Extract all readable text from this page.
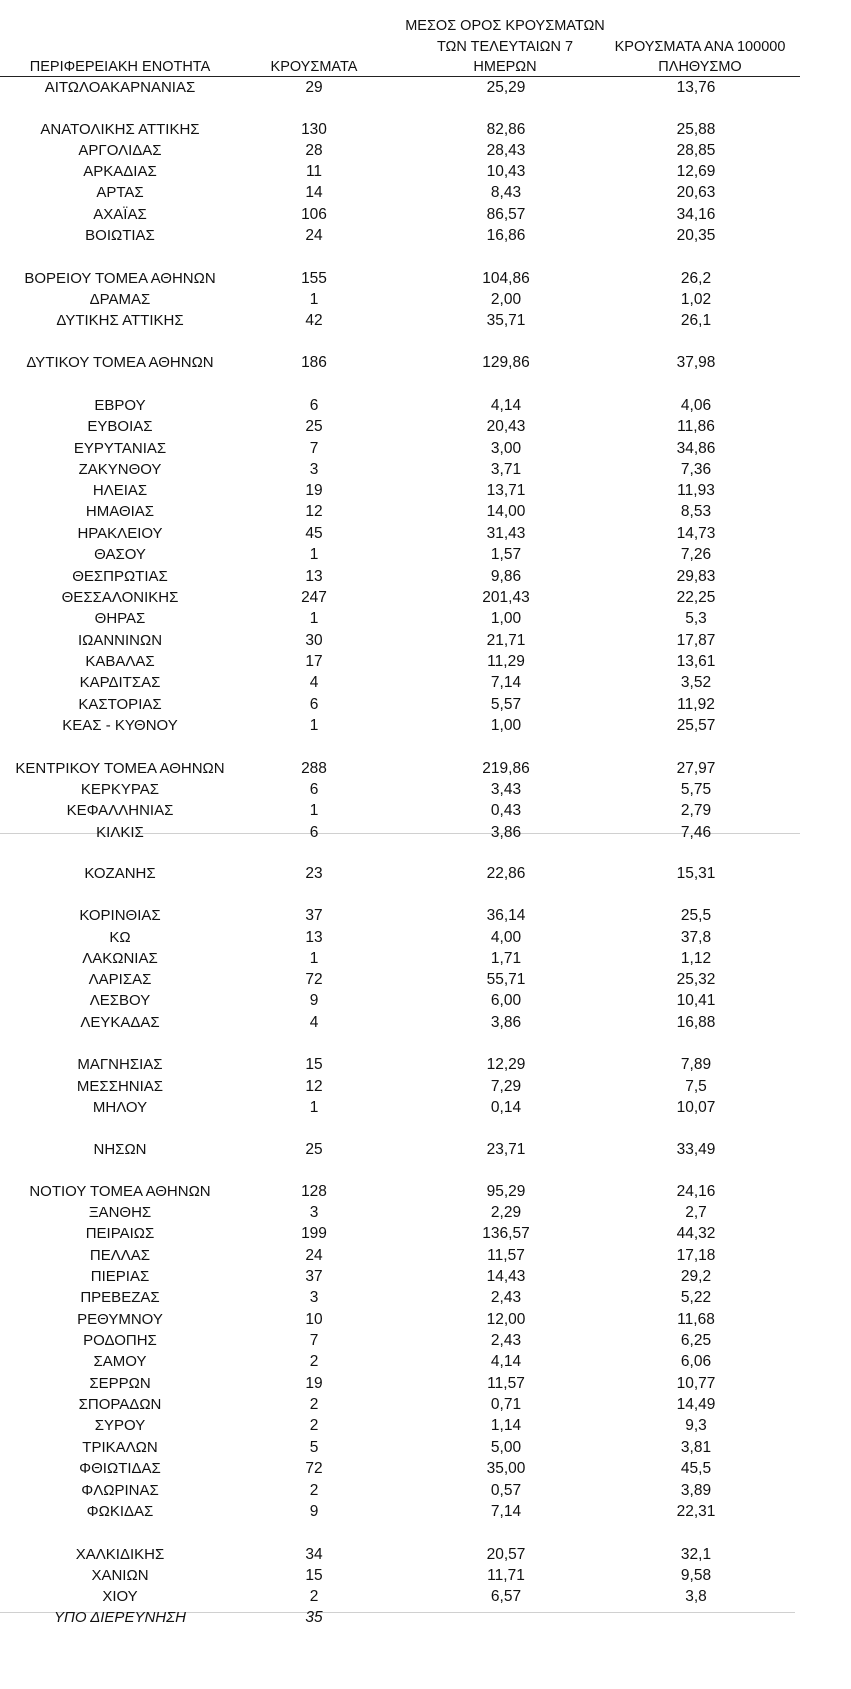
ΠΕΡΙΦΕΡΕΙΑΚΗ ΕΝΟΤΗΤΑ	ΚΡΟΥΣΜΑΤΑ
ΜΕΣΟΣ ΟΡΟΣ ΚΡΟΥΣΜΑΤΩΝ
ΤΩΝ ΤΕΛΕΥΤΑΙΩΝ 7
ΗΜΕΡΩΝ
ΚΡΟΥΣΜΑΤΑ ΑΝΑ 100000
ΠΛΗΘΥΣΜΟ
ΑΙΤΩΛΟΑΚΑΡΝΑΝΙΑΣ	29	25,29	13,76
ΑΝΑΤΟΛΙΚΗΣ ΑΤΤΙΚΗΣ	130	82,86	25,88
ΑΡΓΟΛΙΔΑΣ	28	28,43	28,85
ΑΡΚΑΔΙΑΣ	11	10,43	12,69
ΑΡΤΑΣ	14	8,43	20,63
ΑΧΑΪΑΣ	106	86,57	34,16
ΒΟΙΩΤΙΑΣ	24	16,86	20,35
ΒΟΡΕΙΟΥ ΤΟΜΕΑ ΑΘΗΝΩΝ	155	104,86	26,2
ΔΡΑΜΑΣ	1	2,00	1,02
ΔΥΤΙΚΗΣ ΑΤΤΙΚΗΣ	42	35,71	26,1
ΔΥΤΙΚΟΥ ΤΟΜΕΑ ΑΘΗΝΩΝ	186	129,86	37,98
ΕΒΡΟΥ	6	4,14	4,06
ΕΥΒΟΙΑΣ	25	20,43	11,86
ΕΥΡΥΤΑΝΙΑΣ	7	3,00	34,86
ΖΑΚΥΝΘΟΥ	3	3,71	7,36
ΗΛΕΙΑΣ	19	13,71	11,93
ΗΜΑΘΙΑΣ	12	14,00	8,53
ΗΡΑΚΛΕΙΟΥ	45	31,43	14,73
ΘΑΣΟΥ	1	1,57	7,26
ΘΕΣΠΡΩΤΙΑΣ	13	9,86	29,83
ΘΕΣΣΑΛΟΝΙΚΗΣ	247	201,43	22,25
ΘΗΡΑΣ	1	1,00	5,3
ΙΩΑΝΝΙΝΩΝ	30	21,71	17,87
ΚΑΒΑΛΑΣ	17	11,29	13,61
ΚΑΡΔΙΤΣΑΣ	4	7,14	3,52
ΚΑΣΤΟΡΙΑΣ	6	5,57	11,92
ΚΕΑΣ - ΚΥΘΝΟΥ	1	1,00	25,57
ΚΕΝΤΡΙΚΟΥ ΤΟΜΕΑ ΑΘΗΝΩΝ	288	219,86	27,97
ΚΕΡΚΥΡΑΣ	6	3,43	5,75
ΚΕΦΑΛΛΗΝΙΑΣ	1	0,43	2,79
ΚΙΛΚΙΣ	6	3,86	7,46
ΚΟΖΑΝΗΣ	23	22,86	15,31
ΚΟΡΙΝΘΙΑΣ	37	36,14	25,5
ΚΩ	13	4,00	37,8
ΛΑΚΩΝΙΑΣ	1	1,71	1,12
ΛΑΡΙΣΑΣ	72	55,71	25,32
ΛΕΣΒΟΥ	9	6,00	10,41
ΛΕΥΚΑΔΑΣ	4	3,86	16,88
ΜΑΓΝΗΣΙΑΣ	15	12,29	7,89
ΜΕΣΣΗΝΙΑΣ	12	7,29	7,5
ΜΗΛΟΥ	1	0,14	10,07
ΝΗΣΩΝ	25	23,71	33,49
ΝΟΤΙΟΥ ΤΟΜΕΑ ΑΘΗΝΩΝ	128	95,29	24,16
ΞΑΝΘΗΣ	3	2,29	2,7
ΠΕΙΡΑΙΩΣ	199	136,57	44,32
ΠΕΛΛΑΣ	24	11,57	17,18
ΠΙΕΡΙΑΣ	37	14,43	29,2
ΠΡΕΒΕΖΑΣ	3	2,43	5,22
ΡΕΘΥΜΝΟΥ	10	12,00	11,68
ΡΟΔΟΠΗΣ	7	2,43	6,25
ΣΑΜΟΥ	2	4,14	6,06
ΣΕΡΡΩΝ	19	11,57	10,77
ΣΠΟΡΑΔΩΝ	2	0,71	14,49
ΣΥΡΟΥ	2	1,14	9,3
ΤΡΙΚΑΛΩΝ	5	5,00	3,81
ΦΘΙΩΤΙΔΑΣ	72	35,00	45,5
ΦΛΩΡΙΝΑΣ	2	0,57	3,89
ΦΩΚΙΔΑΣ	9	7,14	22,31
ΧΑΛΚΙΔΙΚΗΣ	34	20,57	32,1
ΧΑΝΙΩΝ	15	11,71	9,58
ΧΙΟΥ	2	6,57	3,8
ΥΠΟ ΔΙΕΡΕΥΝΗΣΗ	35
